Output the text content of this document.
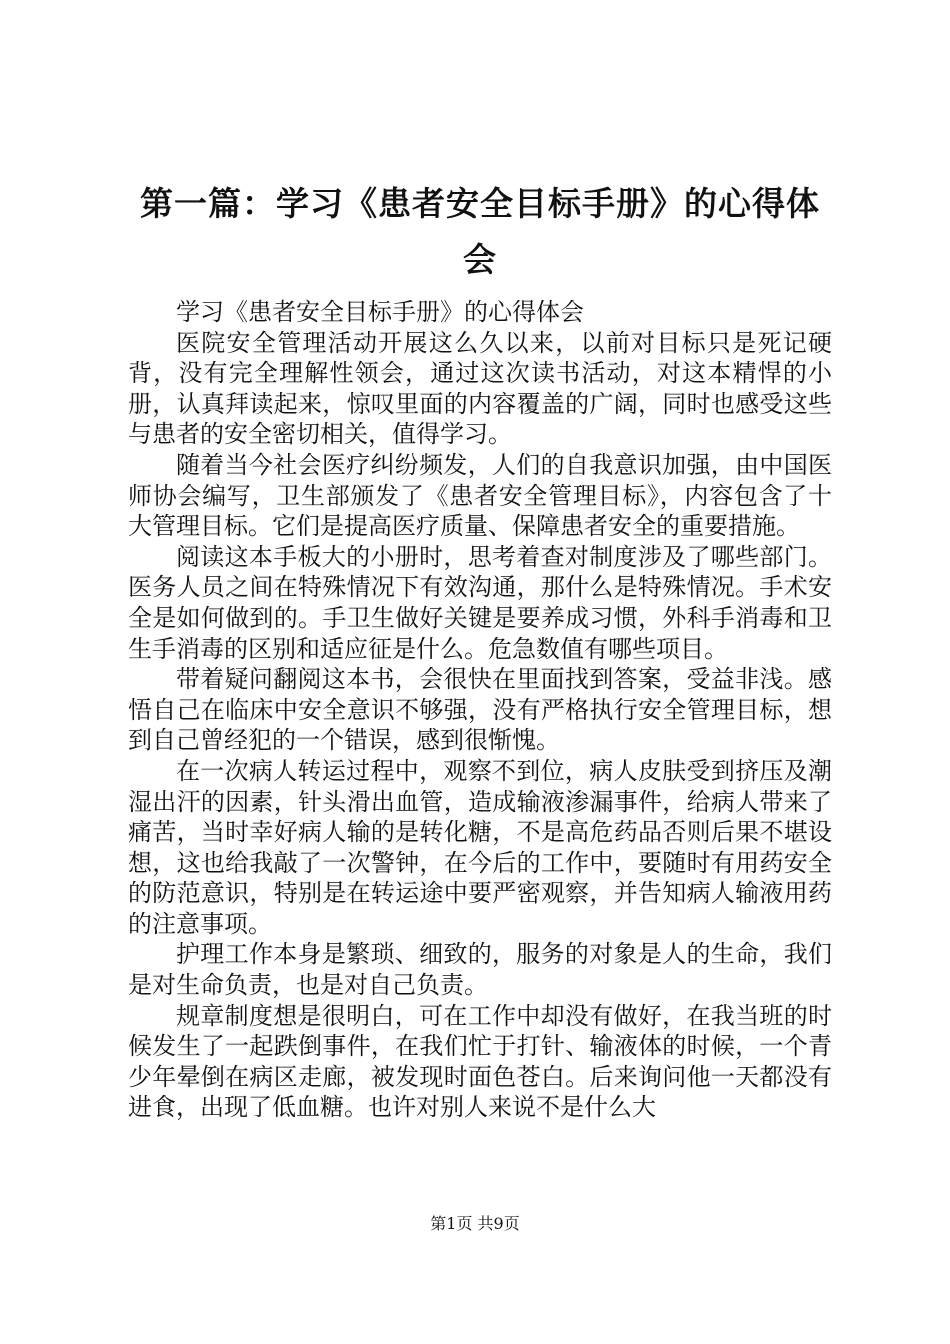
第一篇：学习《患者安全目标手册》的心得体会

学习《患者安全目标手册》的心得体会

医院安全管理活动开展这么久以来，以前对目标只是死记硬背，没有完全理解性领会，通过这次读书活动，对这本精悍的小册，认真拜读起来，惊叹里面的内容覆盖的广阔，同时也感受这些与患者的安全密切相关，值得学习。

随着当今社会医疗纠纷频发，人们的自我意识加强，由中国医师协会编写，卫生部颁发了《患者安全管理目标》，内容包含了十大管理目标。它们是提高医疗质量、保障患者安全的重要措施。

阅读这本手板大的小册时，思考着查对制度涉及了哪些部门。医务人员之间在特殊情况下有效沟通，那什么是特殊情况。手术安全是如何做到的。手卫生做好关键是要养成习惯，外科手消毒和卫生手消毒的区别和适应征是什么。危急数值有哪些项目。

带着疑问翻阅这本书，会很快在里面找到答案，受益非浅。感悟自己在临床中安全意识不够强，没有严格执行安全管理目标，想到自己曾经犯的一个错误，感到很惭愧。

在一次病人转运过程中，观察不到位，病人皮肤受到挤压及潮湿出汗的因素，针头滑出血管，造成输液渗漏事件，给病人带来了痛苦，当时幸好病人输的是转化糖，不是高危药品否则后果不堪设想，这也给我敲了一次警钟，在今后的工作中，要随时有用药安全的防范意识，特别是在转运途中要严密观察，并告知病人输液用药的注意事项。

护理工作本身是繁琐、细致的，服务的对象是人的生命，我们是对生命负责，也是对自己负责。

规章制度想是很明白，可在工作中却没有做好，在我当班的时候发生了一起跌倒事件，在我们忙于打针、输液体的时候，一个青少年晕倒在病区走廊，被发现时面色苍白。后来询问他一天都没有进食，出现了低血糖。也许对别人来说不是什么大

第1页 共9页
